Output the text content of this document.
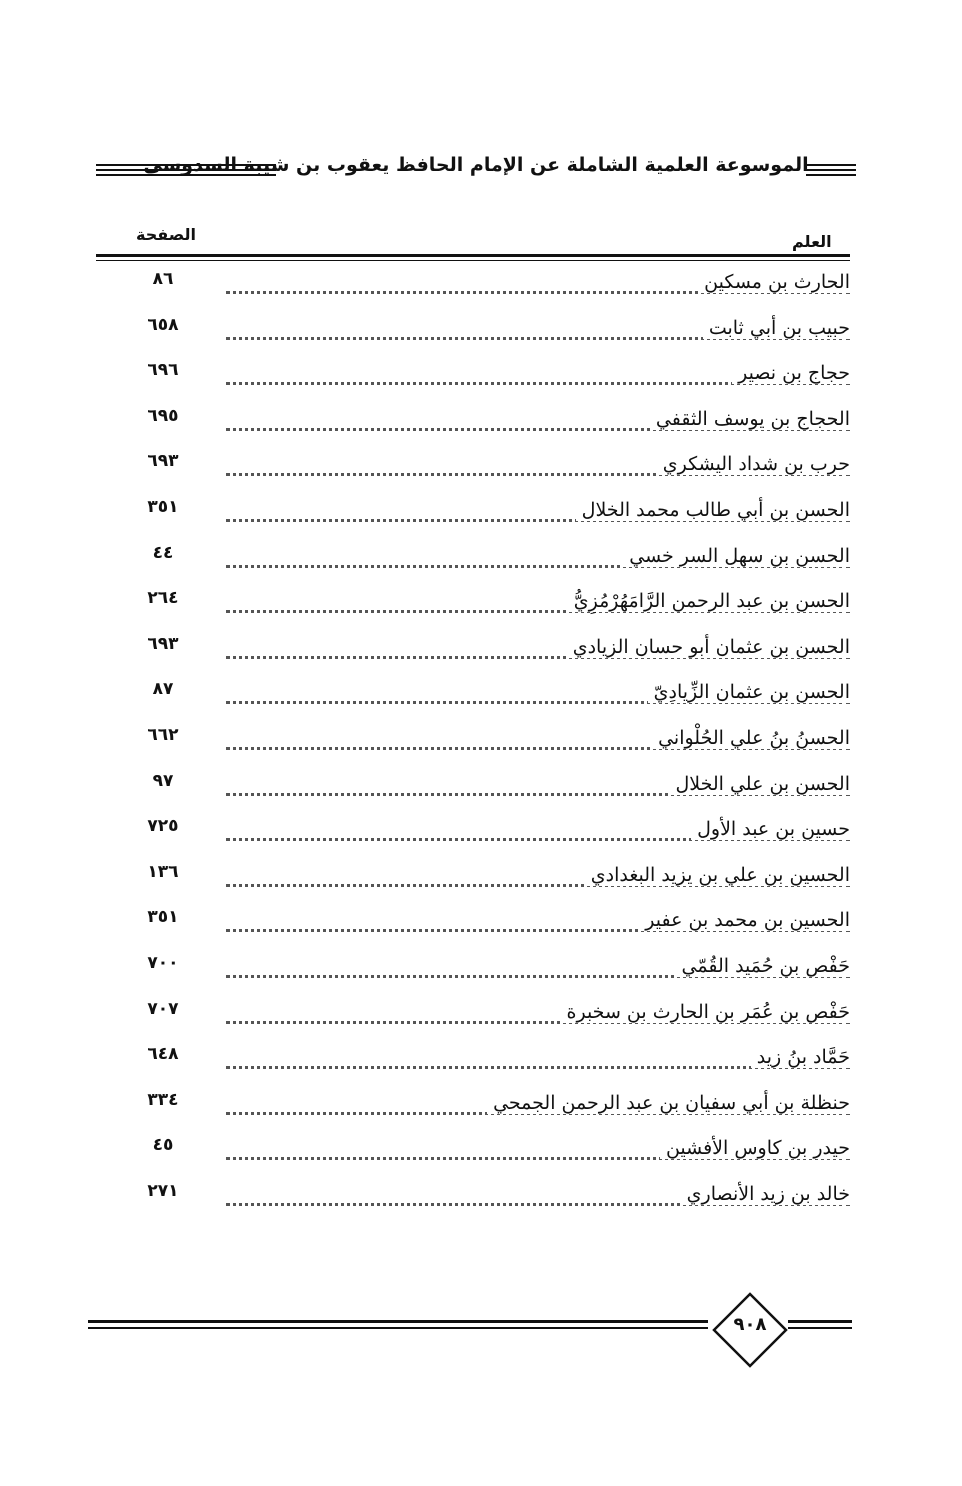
الموسوعة العلمية الشاملة عن الإمام الحافظ يعقوب بن شيبة السدوسي
الصفحة	العلم
الحارث بن مسكين
٨٦
حبيب بن أبي ثابت
٦٥٨
حجاج بن نصير
٦٩٦
الحجاج بن يوسف الثقفي
٦٩٥
حرب بن شداد اليشكري
٦٩٣
الحسن بن أبي طالب محمد الخلال
٣٥١
الحسن بن سهل السر خسي
٤٤
الحسن بن عبد الرحمن الرَّامَهُرْمُزِيُّ
٢٦٤
الحسن بن عثمان أبو حسان الزيادي
٦٩٣
الحسن بن عثمان الزِّيادِيّ
٨٧
الحسنُ بنُ علي الحُلْواني
٦٦٢
الحسن بن علي الخلال
٩٧
حسين بن عبد الأول
٧٢٥
الحسين بن علي بن يزيد البغدادي
١٣٦
الحسين بن محمد بن عفير
٣٥١
حَفْص بن حُمَيد القُمّي
٧٠٠
حَفْص بن عُمَر بن الحارث بن سخبرة
٧٠٧
حَمَّاد بنُ زيد
٦٤٨
حنظلة بن أبي سفيان بن عبد الرحمن الجمحي
٣٣٤
حيدر بن كاوس الأفشين
٤٥
خالد بن زيد الأنصاري
٢٧١
٩٠٨
